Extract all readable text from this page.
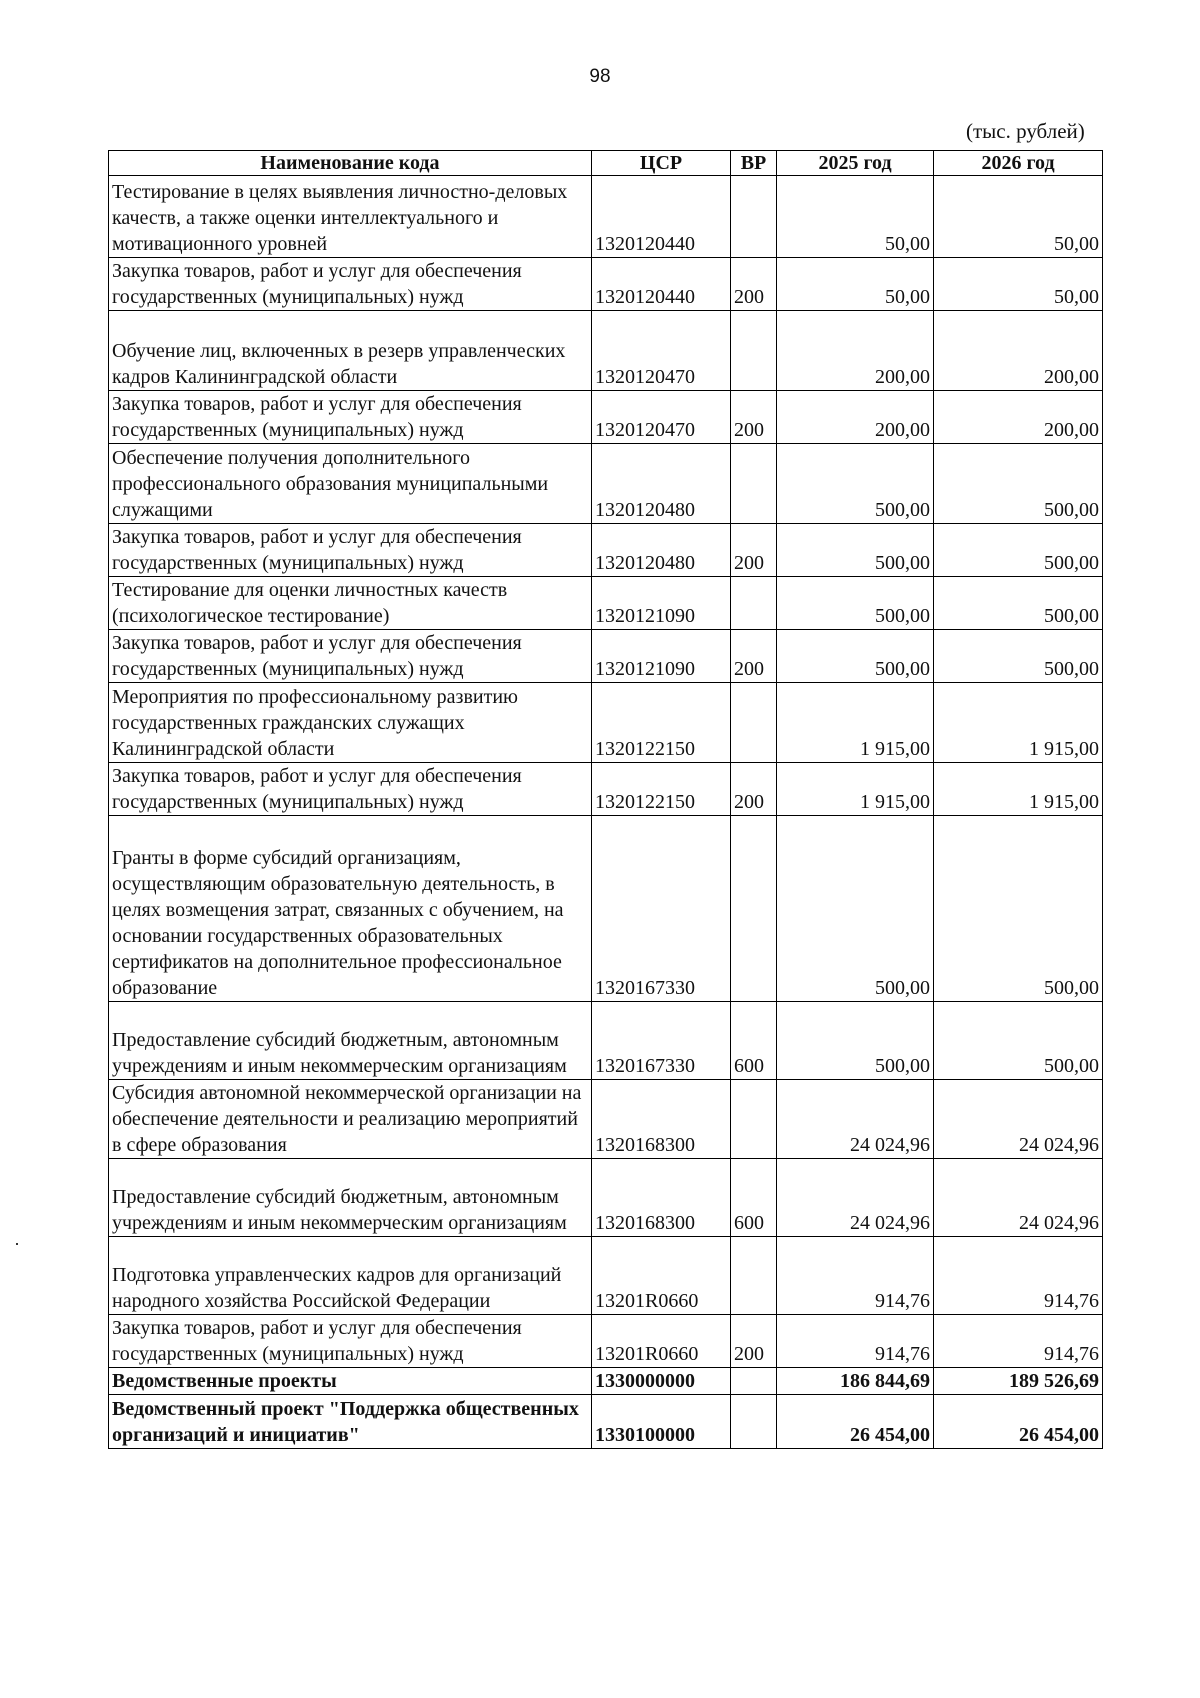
98
(тыс. рублей)
Наименование кода	ЦСР	ВР	2025 год	2026 год
Тестирование в целях выявления личностно-деловых качеств, а также оценки интеллектуального и мотивационного уровней	1320120440		50,00	50,00
Закупка товаров, работ и услуг для обеспечения государственных (муниципальных) нужд	1320120440	200	50,00	50,00
Обучение лиц, включенных в резерв управленческих кадров Калининградской области	1320120470		200,00	200,00
Закупка товаров, работ и услуг для обеспечения государственных (муниципальных) нужд	1320120470	200	200,00	200,00
Обеспечение получения дополнительного профессионального образования муниципальными служащими	1320120480		500,00	500,00
Закупка товаров, работ и услуг для обеспечения государственных (муниципальных) нужд	1320120480	200	500,00	500,00
Тестирование для оценки личностных качеств (психологическое тестирование)	1320121090		500,00	500,00
Закупка товаров, работ и услуг для обеспечения государственных (муниципальных) нужд	1320121090	200	500,00	500,00
Мероприятия по профессиональному развитию государственных гражданских служащих Калининградской области	1320122150		1 915,00	1 915,00
Закупка товаров, работ и услуг для обеспечения государственных (муниципальных) нужд	1320122150	200	1 915,00	1 915,00
Гранты в форме субсидий организациям, осуществляющим образовательную деятельность, в целях возмещения затрат, связанных с обучением, на основании государственных образовательных сертификатов на дополнительное профессиональное образование	1320167330		500,00	500,00
Предоставление субсидий бюджетным, автономным учреждениям и иным некоммерческим организациям	1320167330	600	500,00	500,00
Субсидия автономной некоммерческой организации на обеспечение деятельности и реализацию мероприятий в сфере образования	1320168300		24 024,96	24 024,96
Предоставление субсидий бюджетным, автономным учреждениям и иным некоммерческим организациям	1320168300	600	24 024,96	24 024,96
Подготовка управленческих кадров для организаций народного хозяйства Российской Федерации	13201R0660		914,76	914,76
Закупка товаров, работ и услуг для обеспечения государственных (муниципальных) нужд	13201R0660	200	914,76	914,76
Ведомственные проекты	1330000000		186 844,69	189 526,69
Ведомственный проект "Поддержка общественных организаций и инициатив"	1330100000		26 454,00	26 454,00
